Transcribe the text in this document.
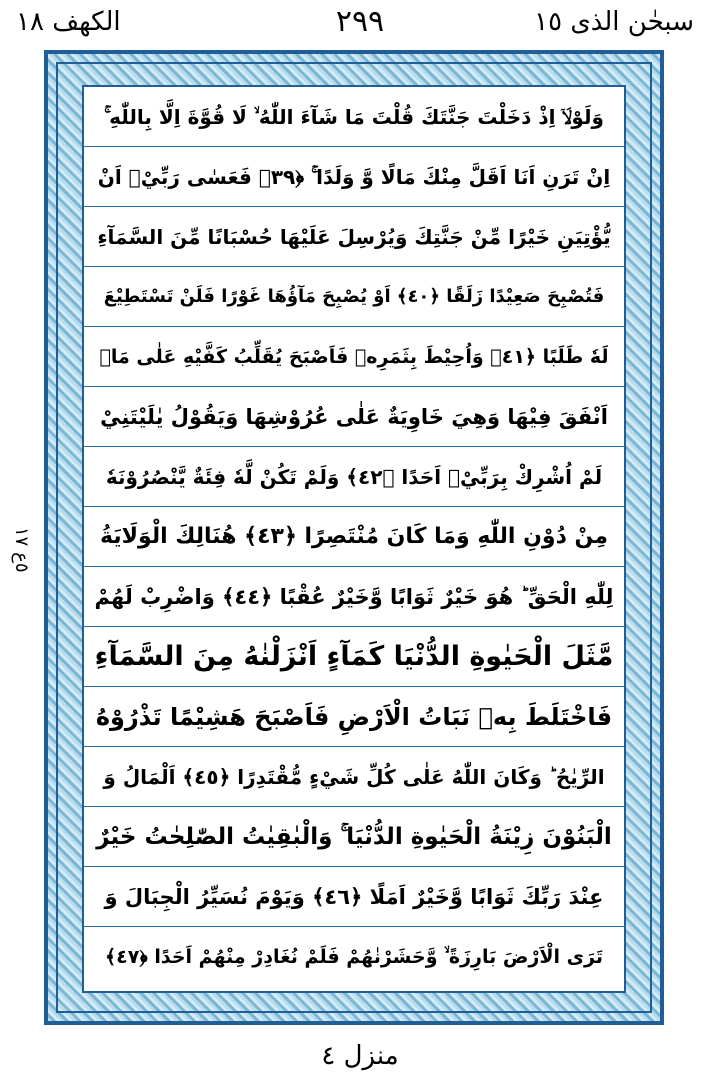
سبحٰن الذی ١٥
٢٩٩
الکھف ١٨
٥ع ١٧
وَلَوْلَاۤ اِذْ دَخَلْتَ جَنَّتَكَ قُلْتَ مَا شَآءَ اللّٰهُ ۙ لَا قُوَّةَ اِلَّا بِاللّٰهِ ۚ
اِنْ تَرَنِ اَنَا اَقَلَّ مِنْكَ مَالًا وَّ وَلَدًا ۚ ﴿٣٩﴾ فَعَسٰى رَبِّيْۤ اَنْ
يُّؤْتِيَنِ خَيْرًا مِّنْ جَنَّتِكَ وَيُرْسِلَ عَلَيْهَا حُسْبَانًا مِّنَ السَّمَآءِ
فَتُصْبِحَ صَعِيْدًا زَلَقًا ﴿٤٠﴾ اَوْ يُصْبِحَ مَآؤُهَا غَوْرًا فَلَنْ تَسْتَطِيْعَ
لَهٗ طَلَبًا ﴿٤١﴾ وَاُحِيْطَ بِثَمَرِهٖ فَاَصْبَحَ يُقَلِّبُ كَفَّيْهِ عَلٰى مَاۤ
اَنْفَقَ فِيْهَا وَهِيَ خَاوِيَةٌ عَلٰى عُرُوْشِهَا وَيَقُوْلُ يٰلَيْتَنِيْ
لَمْ اُشْرِكْ بِرَبِّيْۤ اَحَدًا ﴿٤٢﴾ وَلَمْ تَكُنْ لَّهٗ فِئَةٌ يَّنْصُرُوْنَهٗ
مِنْ دُوْنِ اللّٰهِ وَمَا كَانَ مُنْتَصِرًا ﴿٤٣﴾ هُنَالِكَ الْوَلَايَةُ
لِلّٰهِ الْحَقِّ ؕ هُوَ خَيْرٌ ثَوَابًا وَّخَيْرٌ عُقْبًا ﴿٤٤﴾ وَاضْرِبْ لَهُمْ
مَّثَلَ الْحَيٰوةِ الدُّنْيَا كَمَآءٍ اَنْزَلْنٰهُ مِنَ السَّمَآءِ
فَاخْتَلَطَ بِهٖ نَبَاتُ الْاَرْضِ فَاَصْبَحَ هَشِيْمًا تَذْرُوْهُ
الرِّيٰحُ ؕ وَكَانَ اللّٰهُ عَلٰى كُلِّ شَيْءٍ مُّقْتَدِرًا ﴿٤٥﴾ اَلْمَالُ وَ
الْبَنُوْنَ زِيْنَةُ الْحَيٰوةِ الدُّنْيَا ۚ وَالْبٰقِيٰتُ الصّٰلِحٰتُ خَيْرٌ
عِنْدَ رَبِّكَ ثَوَابًا وَّخَيْرٌ اَمَلًا ﴿٤٦﴾ وَيَوْمَ نُسَيِّرُ الْجِبَالَ وَ
تَرَى الْاَرْضَ بَارِزَةً ۙ وَّحَشَرْنٰهُمْ فَلَمْ نُغَادِرْ مِنْهُمْ اَحَدًا ﴿٤٧﴾
منزل ٤
